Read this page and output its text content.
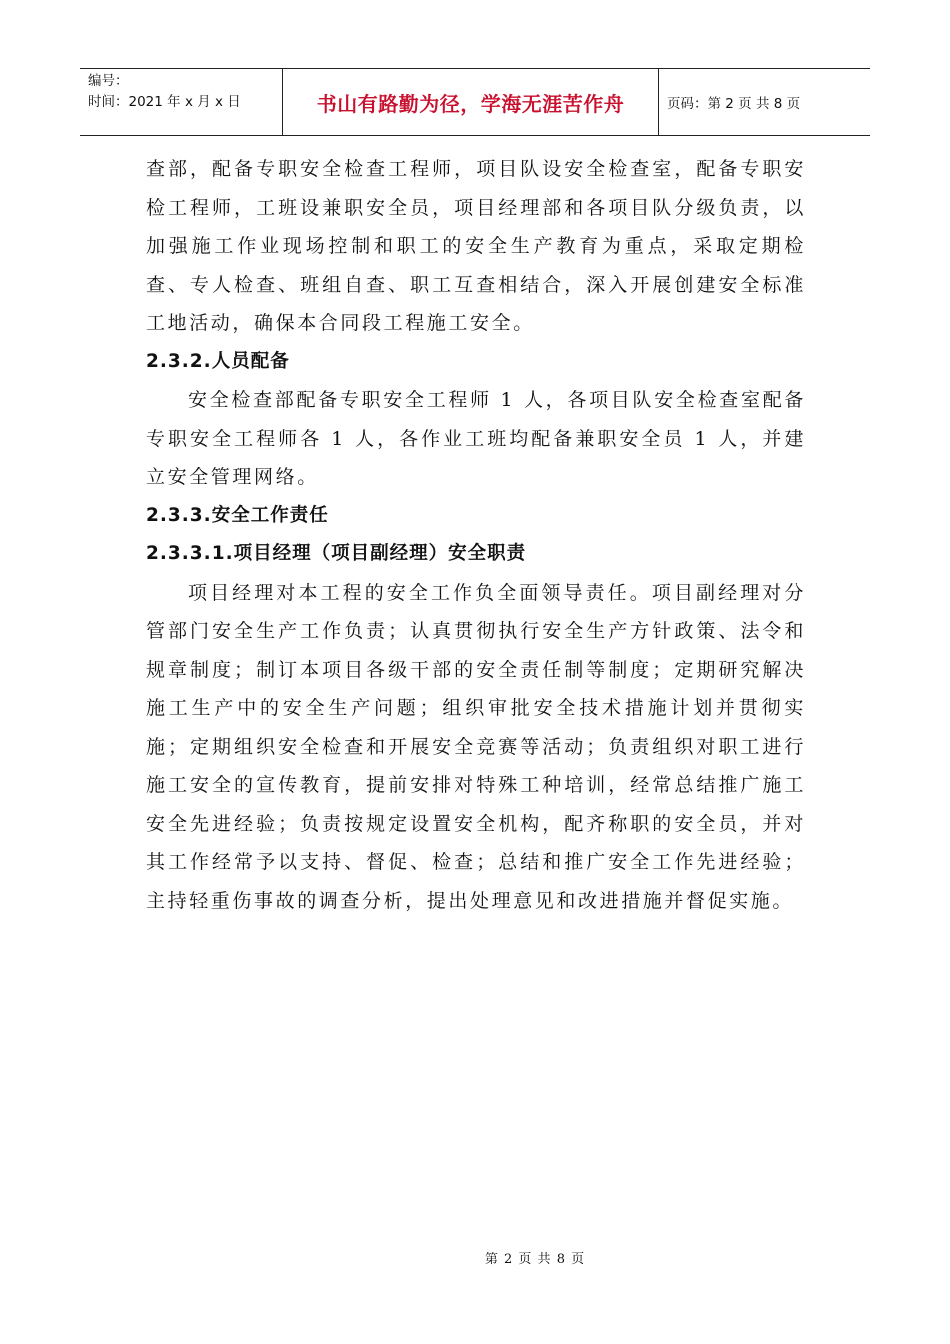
编号：
时间：2021 年 x 月 x 日	书山有路勤为径，学海无涯苦作舟	页码：第 2 页 共 8 页

查部，配备专职安全检查工程师，项目队设安全检查室，配备专职安检工程师，工班设兼职安全员，项目经理部和各项目队分级负责，以加强施工作业现场控制和职工的安全生产教育为重点，采取定期检查、专人检查、班组自查、职工互查相结合，深入开展创建安全标准工地活动，确保本合同段工程施工安全。

2.3.2.人员配备

安全检查部配备专职安全工程师 1 人，各项目队安全检查室配备专职安全工程师各 1 人，各作业工班均配备兼职安全员 1 人，并建立安全管理网络。

2.3.3.安全工作责任

2.3.3.1.项目经理（项目副经理）安全职责

项目经理对本工程的安全工作负全面领导责任。项目副经理对分管部门安全生产工作负责；认真贯彻执行安全生产方针政策、法令和规章制度；制订本项目各级干部的安全责任制等制度；定期研究解决施工生产中的安全生产问题；组织审批安全技术措施计划并贯彻实施；定期组织安全检查和开展安全竞赛等活动；负责组织对职工进行施工安全的宣传教育，提前安排对特殊工种培训，经常总结推广施工安全先进经验；负责按规定设置安全机构，配齐称职的安全员，并对其工作经常予以支持、督促、检查；总结和推广安全工作先进经验；主持轻重伤事故的调查分析，提出处理意见和改进措施并督促实施。

第 2 页 共 8 页
